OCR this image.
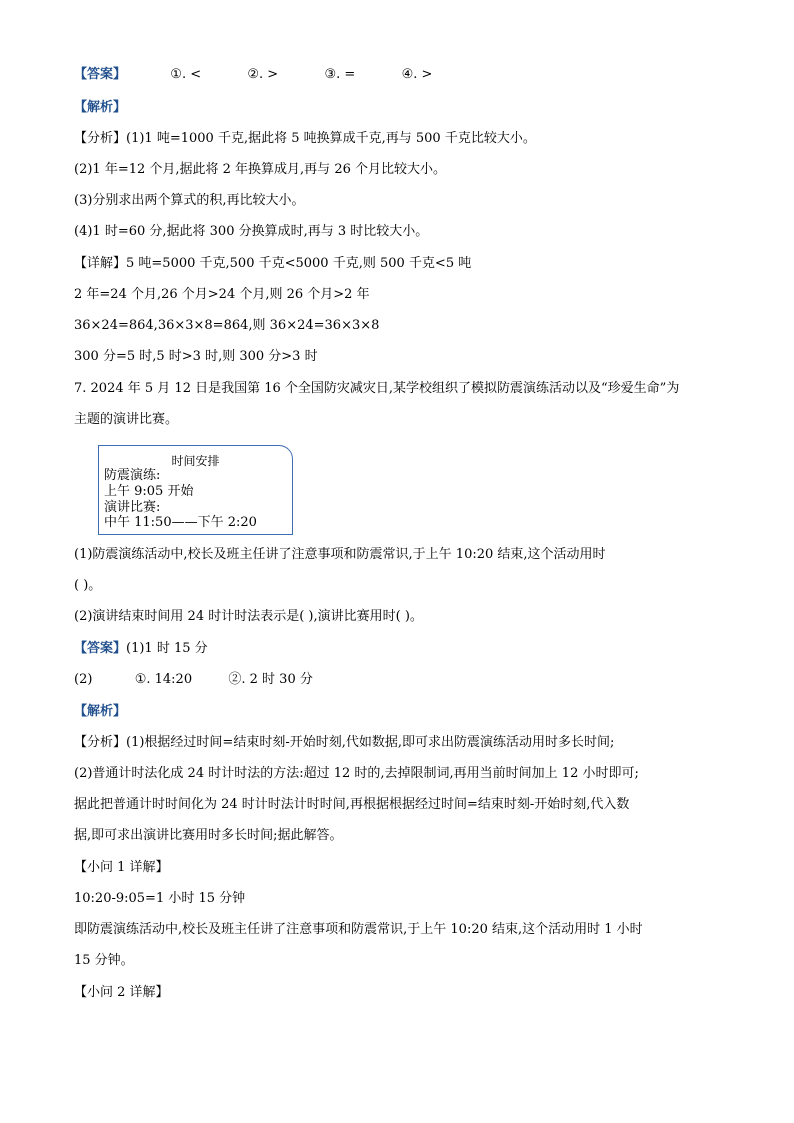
【答案】	①. <	②. >	③. =	④. >
【解析】
【分析】(1)1 吨=1000 千克,据此将 5 吨换算成千克,再与 500 千克比较大小。
(2)1 年=12 个月,据此将 2 年换算成月,再与 26 个月比较大小。
(3)分别求出两个算式的积,再比较大小。
(4)1 时=60 分,据此将 300 分换算成时,再与 3 时比较大小。
【详解】5 吨=5000 千克,500 千克<5000 千克,则 500 千克<5 吨
2 年=24 个月,26 个月>24 个月,则 26 个月>2 年
36×24=864,36×3×8=864,则 36×24=36×3×8
300 分=5 时,5 时>3 时,则 300 分>3 时
7. 2024 年 5 月 12 日是我国第 16 个全国防灾减灾日,某学校组织了模拟防震演练活动以及“珍爱生命”为
主题的演讲比赛。
时间安排
防震演练:
上午 9:05 开始
演讲比赛:
中午 11:50——下午 2:20
(1)防震演练活动中,校长及班主任讲了注意事项和防震常识,于上午 10:20 结束,这个活动用时
( )。
(2)演讲结束时间用 24 时计时法表示是( ),演讲比赛用时( )。
【答案】(1)1 时 15 分
(2)	①. 14:20	②. 2 时 30 分
【解析】
【分析】(1)根据经过时间=结束时刻-开始时刻,代如数据,即可求出防震演练活动用时多长时间;
(2)普通计时法化成 24 时计时法的方法:超过 12 时的,去掉限制词,再用当前时间加上 12 小时即可;
据此把普通计时时间化为 24 时计时法计时时间,再根据根据经过时间=结束时刻-开始时刻,代入数
据,即可求出演讲比赛用时多长时间;据此解答。
【小问 1 详解】
10:20-9:05=1 小时 15 分钟
即防震演练活动中,校长及班主任讲了注意事项和防震常识,于上午 10:20 结束,这个活动用时 1 小时
15 分钟。
【小问 2 详解】
